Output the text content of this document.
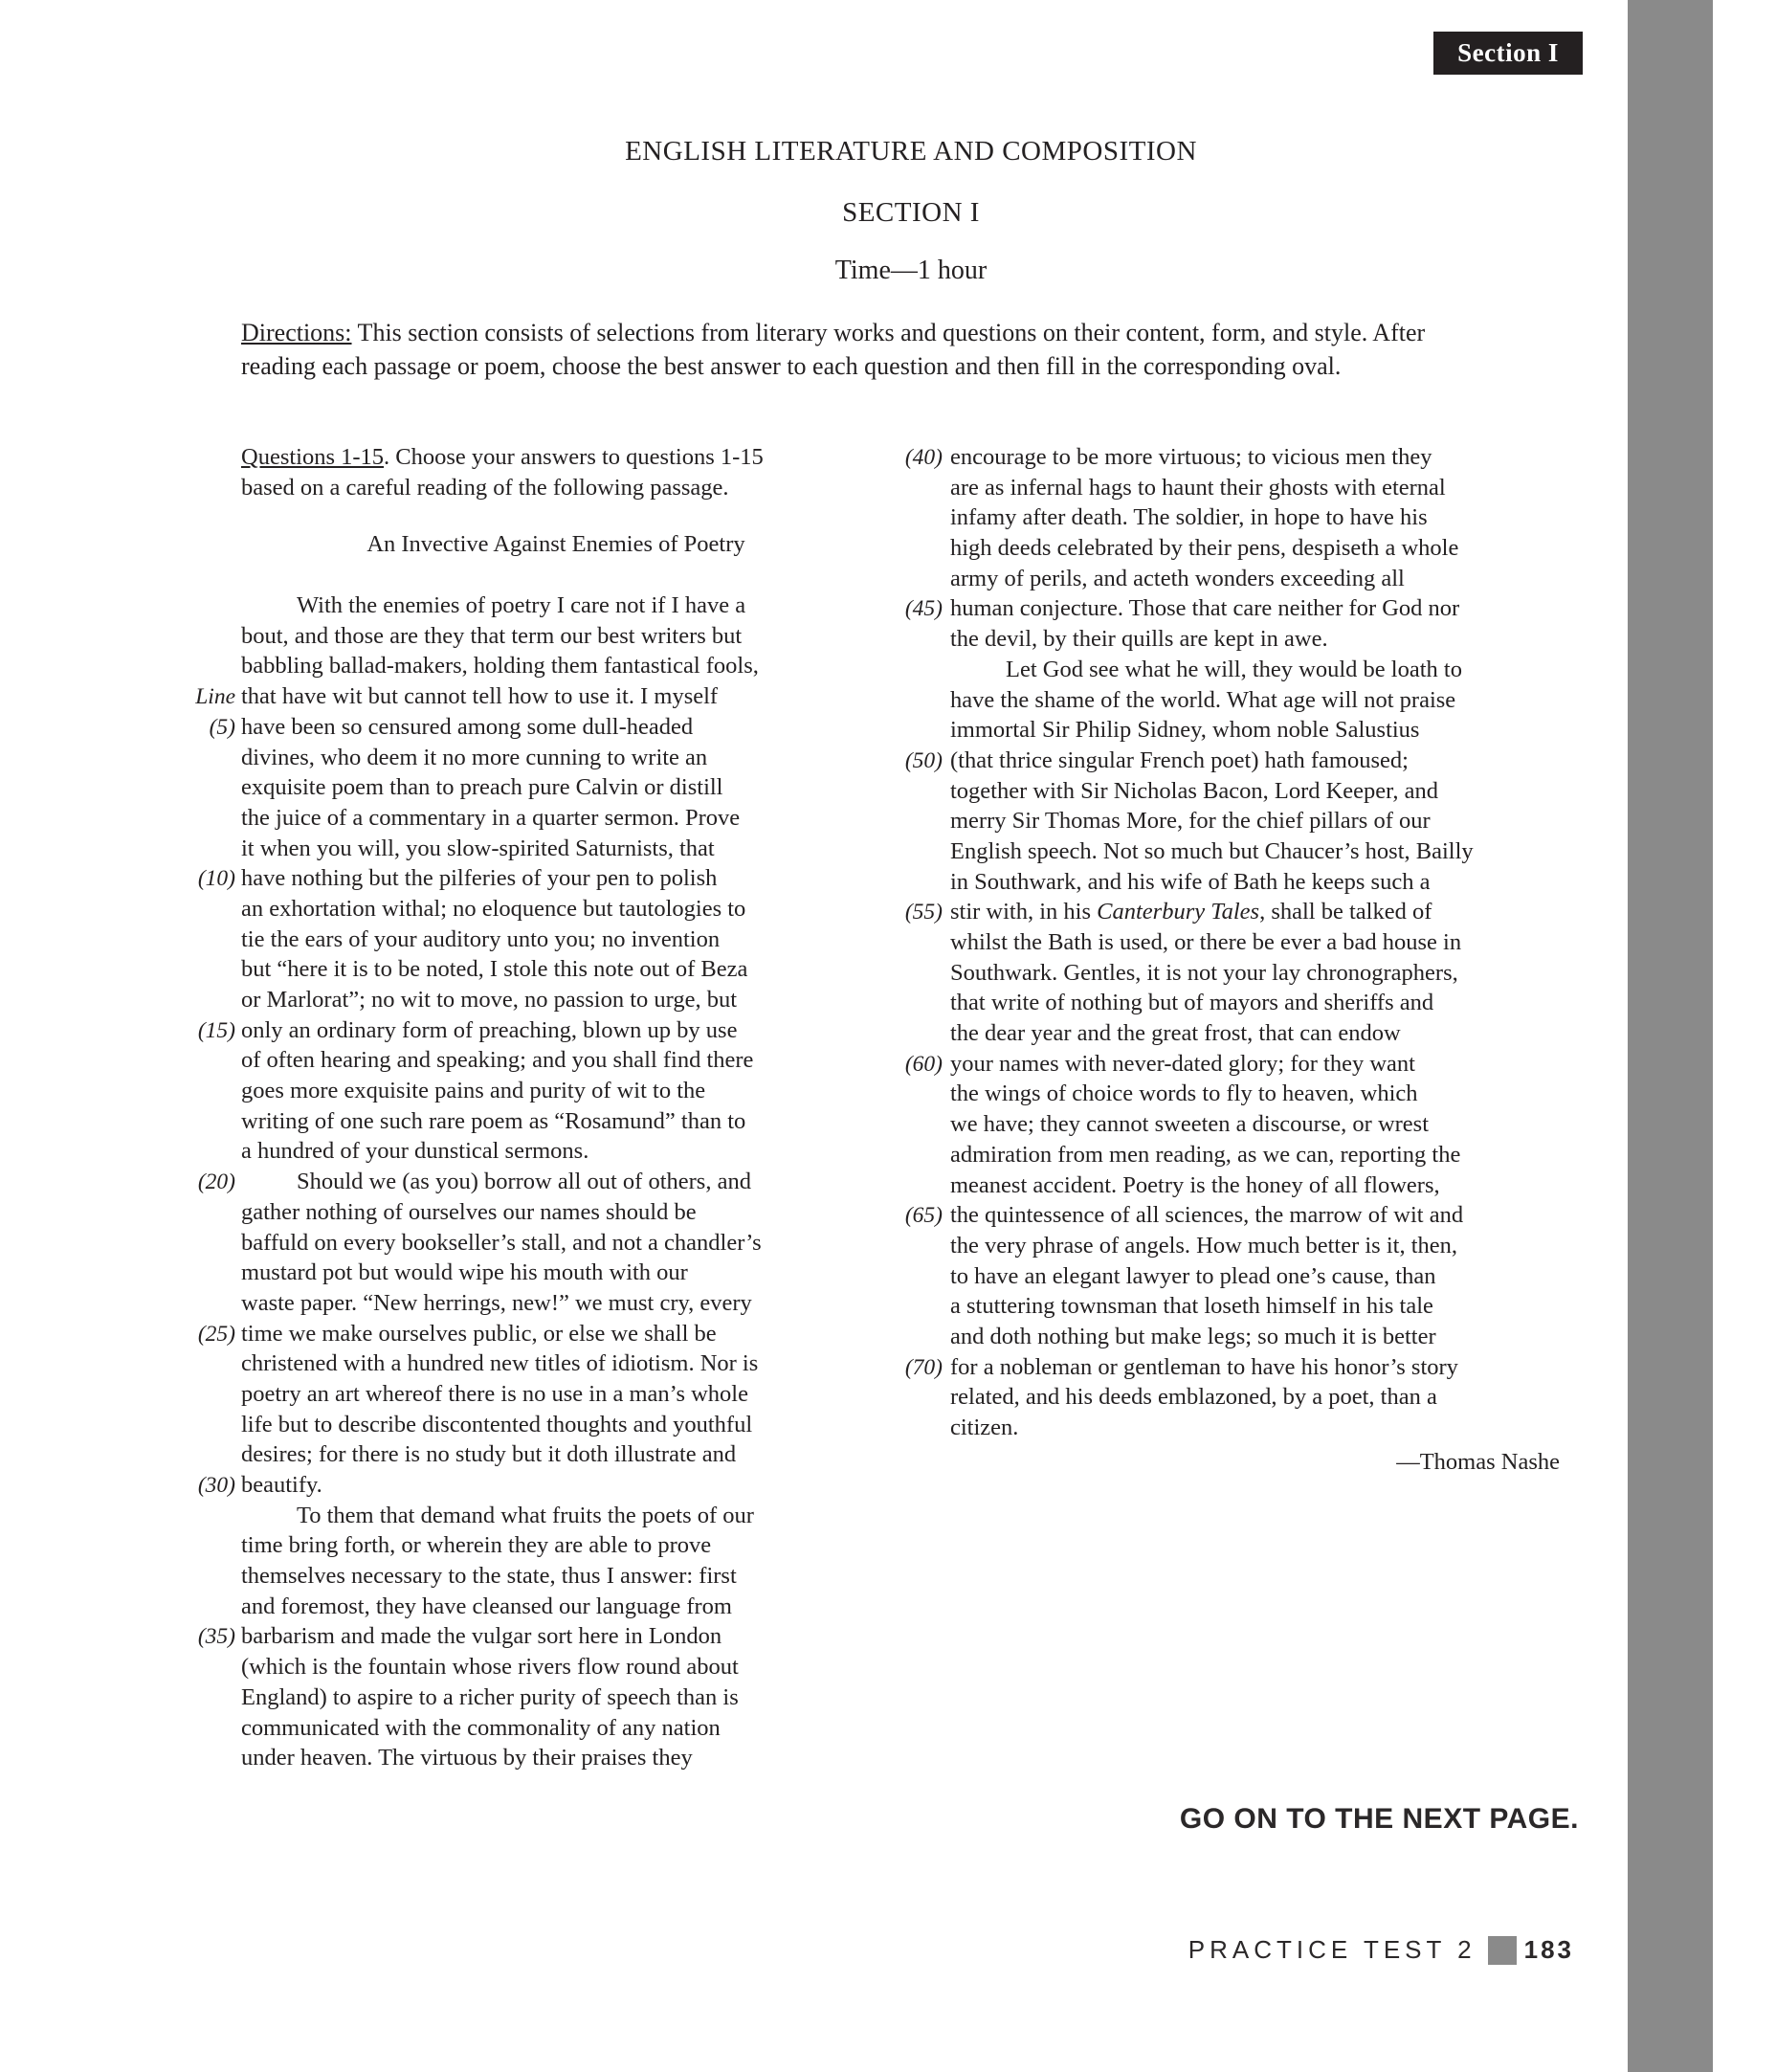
Section I
ENGLISH LITERATURE AND COMPOSITION
SECTION I
Time—1 hour
Directions: This section consists of selections from literary works and questions on their content, form, and style. After
reading each passage or poem, choose the best answer to each question and then fill in the corresponding oval.
Questions 1-15. Choose your answers to questions 1-15
based on a careful reading of the following passage.
An Invective Against Enemies of Poetry
With the enemies of poetry I care not if I have a
bout, and those are they that term our best writers but
babbling ballad-makers, holding them fantastical fools,
Line that have wit but cannot tell how to use it. I myself
(5) have been so censured among some dull-headed
divines, who deem it no more cunning to write an
exquisite poem than to preach pure Calvin or distill
the juice of a commentary in a quarter sermon. Prove
it when you will, you slow-spirited Saturnists, that
(10) have nothing but the pilferies of your pen to polish
an exhortation withal; no eloquence but tautologies to
tie the ears of your auditory unto you; no invention
but “here it is to be noted, I stole this note out of Beza
or Marlorat”; no wit to move, no passion to urge, but
(15) only an ordinary form of preaching, blown up by use
of often hearing and speaking; and you shall find there
goes more exquisite pains and purity of wit to the
writing of one such rare poem as “Rosamund” than to
a hundred of your dunstical sermons.
(20)	Should we (as you) borrow all out of others, and
gather nothing of ourselves our names should be
baffuld on every bookseller’s stall, and not a chandler’s
mustard pot but would wipe his mouth with our
waste paper. “New herrings, new!” we must cry, every
(25) time we make ourselves public, or else we shall be
christened with a hundred new titles of idiotism. Nor is
poetry an art whereof there is no use in a man’s whole
life but to describe discontented thoughts and youthful
desires; for there is no study but it doth illustrate and
(30) beautify.
To them that demand what fruits the poets of our
time bring forth, or wherein they are able to prove
themselves necessary to the state, thus I answer: first
and foremost, they have cleansed our language from
(35) barbarism and made the vulgar sort here in London
(which is the fountain whose rivers flow round about
England) to aspire to a richer purity of speech than is
communicated with the commonality of any nation
under heaven. The virtuous by their praises they
(40) encourage to be more virtuous; to vicious men they
are as infernal hags to haunt their ghosts with eternal
infamy after death. The soldier, in hope to have his
high deeds celebrated by their pens, despiseth a whole
army of perils, and acteth wonders exceeding all
(45) human conjecture. Those that care neither for God nor
the devil, by their quills are kept in awe.
Let God see what he will, they would be loath to
have the shame of the world. What age will not praise
immortal Sir Philip Sidney, whom noble Salustius
(50) (that thrice singular French poet) hath famoused;
together with Sir Nicholas Bacon, Lord Keeper, and
merry Sir Thomas More, for the chief pillars of our
English speech. Not so much but Chaucer’s host, Bailly
in Southwark, and his wife of Bath he keeps such a
(55) stir with, in his Canterbury Tales, shall be talked of
whilst the Bath is used, or there be ever a bad house in
Southwark. Gentles, it is not your lay chronographers,
that write of nothing but of mayors and sheriffs and
the dear year and the great frost, that can endow
(60) your names with never-dated glory; for they want
the wings of choice words to fly to heaven, which
we have; they cannot sweeten a discourse, or wrest
admiration from men reading, as we can, reporting the
meanest accident. Poetry is the honey of all flowers,
(65) the quintessence of all sciences, the marrow of wit and
the very phrase of angels. How much better is it, then,
to have an elegant lawyer to plead one’s cause, than
a stuttering townsman that loseth himself in his tale
and doth nothing but make legs; so much it is better
(70) for a nobleman or gentleman to have his honor’s story
related, and his deeds emblazoned, by a poet, than a
citizen.
—Thomas Nashe
GO ON TO THE NEXT PAGE.
PRACTICE TEST 2 183
